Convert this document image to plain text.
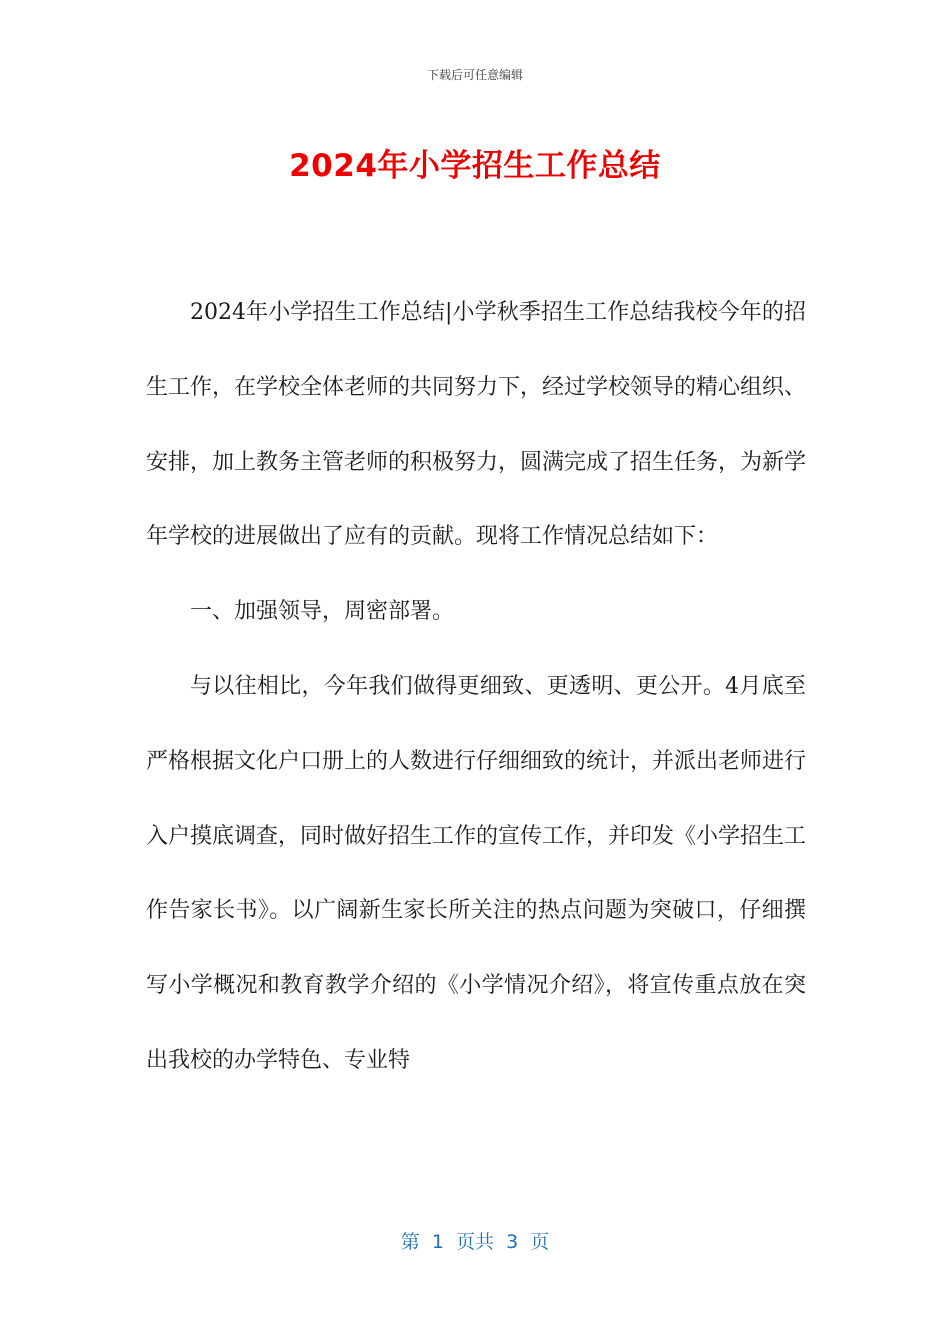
下载后可任意编辑
2024年小学招生工作总结

2024年小学招生工作总结|小学秋季招生工作总结我校今年的招生工作，在学校全体老师的共同努力下，经过学校领导的精心组织、安排，加上教务主管老师的积极努力，圆满完成了招生任务，为新学年学校的进展做出了应有的贡献。现将工作情况总结如下：

一、加强领导，周密部署。

与以往相比，今年我们做得更细致、更透明、更公开。4月底至严格根据文化户口册上的人数进行仔细细致的统计，并派出老师进行入户摸底调查，同时做好招生工作的宣传工作，并印发《小学招生工作告家长书》。以广阔新生家长所关注的热点问题为突破口，仔细撰写小学概况和教育教学介绍的《小学情况介绍》，将宣传重点放在突出我校的办学特色、专业特

第  1  页共  3  页
